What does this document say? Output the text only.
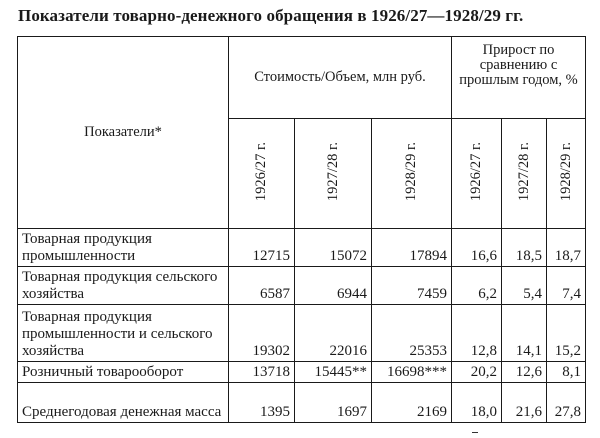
Показатели товарно-денежного обращения в 1926/27—1928/29 гг.
Показатели*	Стоимость/Объем, млн руб.			Прирост по сравнению с прошлым годом, %		
	1926/27 г.	1927/28 г.	1928/29 г.	1926/27 г.	1927/28 г.	1928/29 г.
Товарная продукция промышленности	12715	15072	17894	16,6	18,5	18,7
Товарная продукция сельского хозяйства	6587	6944	7459	6,2	5,4	7,4
Товарная продукция промышленности и сельского хозяйства	19302	22016	25353	12,8	14,1	15,2
Розничный товарооборот	13718	15445**	16698***	20,2	12,6	8,1
Среднегодовая денежная масса	1395	1697	2169	18,0	21,6	27,8
